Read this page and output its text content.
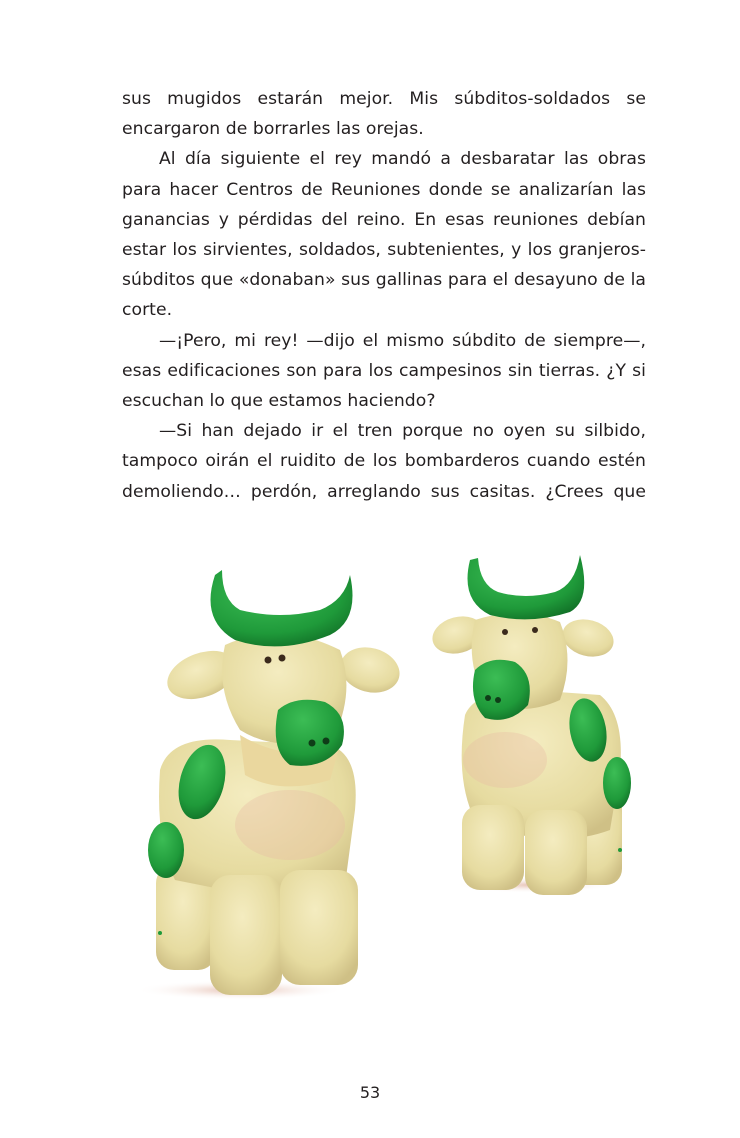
sus mugidos estarán mejor. Mis súbditos-soldados se encargaron de borrarles las orejas.

Al día siguiente el rey mandó a desbaratar las obras para hacer Centros de Reuniones donde se analizarían las ganancias y pérdidas del reino. En esas reuniones debían estar los sirvientes, soldados, subtenientes, y los granjeros-súbditos que «donaban» sus gallinas para el desayuno de la corte.

—¡Pero, mi rey! —dijo el mismo súbdito de siempre—, esas edificaciones son para los campesinos sin tierras. ¿Y si escuchan lo que estamos haciendo?

—Si han dejado ir el tren porque no oyen su silbido, tampoco oirán el ruidito de los bombarderos cuando estén demoliendo… perdón, arreglando sus casitas. ¿Crees que

53
